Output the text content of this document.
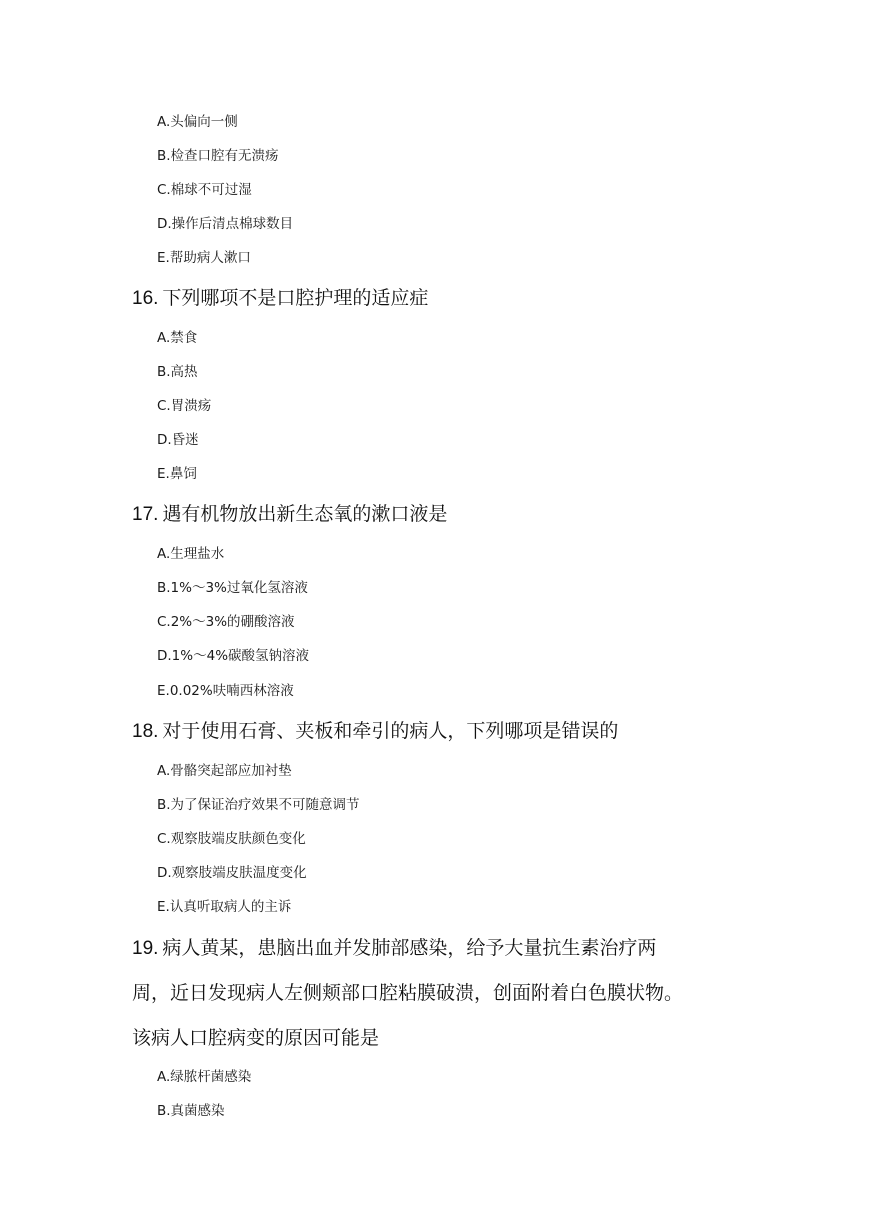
A.头偏向一侧
B.检查口腔有无溃疡
C.棉球不可过湿
D.操作后清点棉球数目
E.帮助病人漱口
16. 下列哪项不是口腔护理的适应症
A.禁食
B.高热
C.胃溃疡
D.昏迷
E.鼻饲
17. 遇有机物放出新生态氧的漱口液是
A.生理盐水
B.1%～3%过氧化氢溶液
C.2%～3%的硼酸溶液
D.1%～4%碳酸氢钠溶液
E.0.02%呋喃西林溶液
18. 对于使用石膏、夹板和牵引的病人，下列哪项是错误的
A.骨骼突起部应加衬垫
B.为了保证治疗效果不可随意调节
C.观察肢端皮肤颜色变化
D.观察肢端皮肤温度变化
E.认真听取病人的主诉
19. 病人黄某，患脑出血并发肺部感染，给予大量抗生素治疗两
周，近日发现病人左侧颊部口腔粘膜破溃，创面附着白色膜状物。
该病人口腔病变的原因可能是
A.绿脓杆菌感染
B.真菌感染
